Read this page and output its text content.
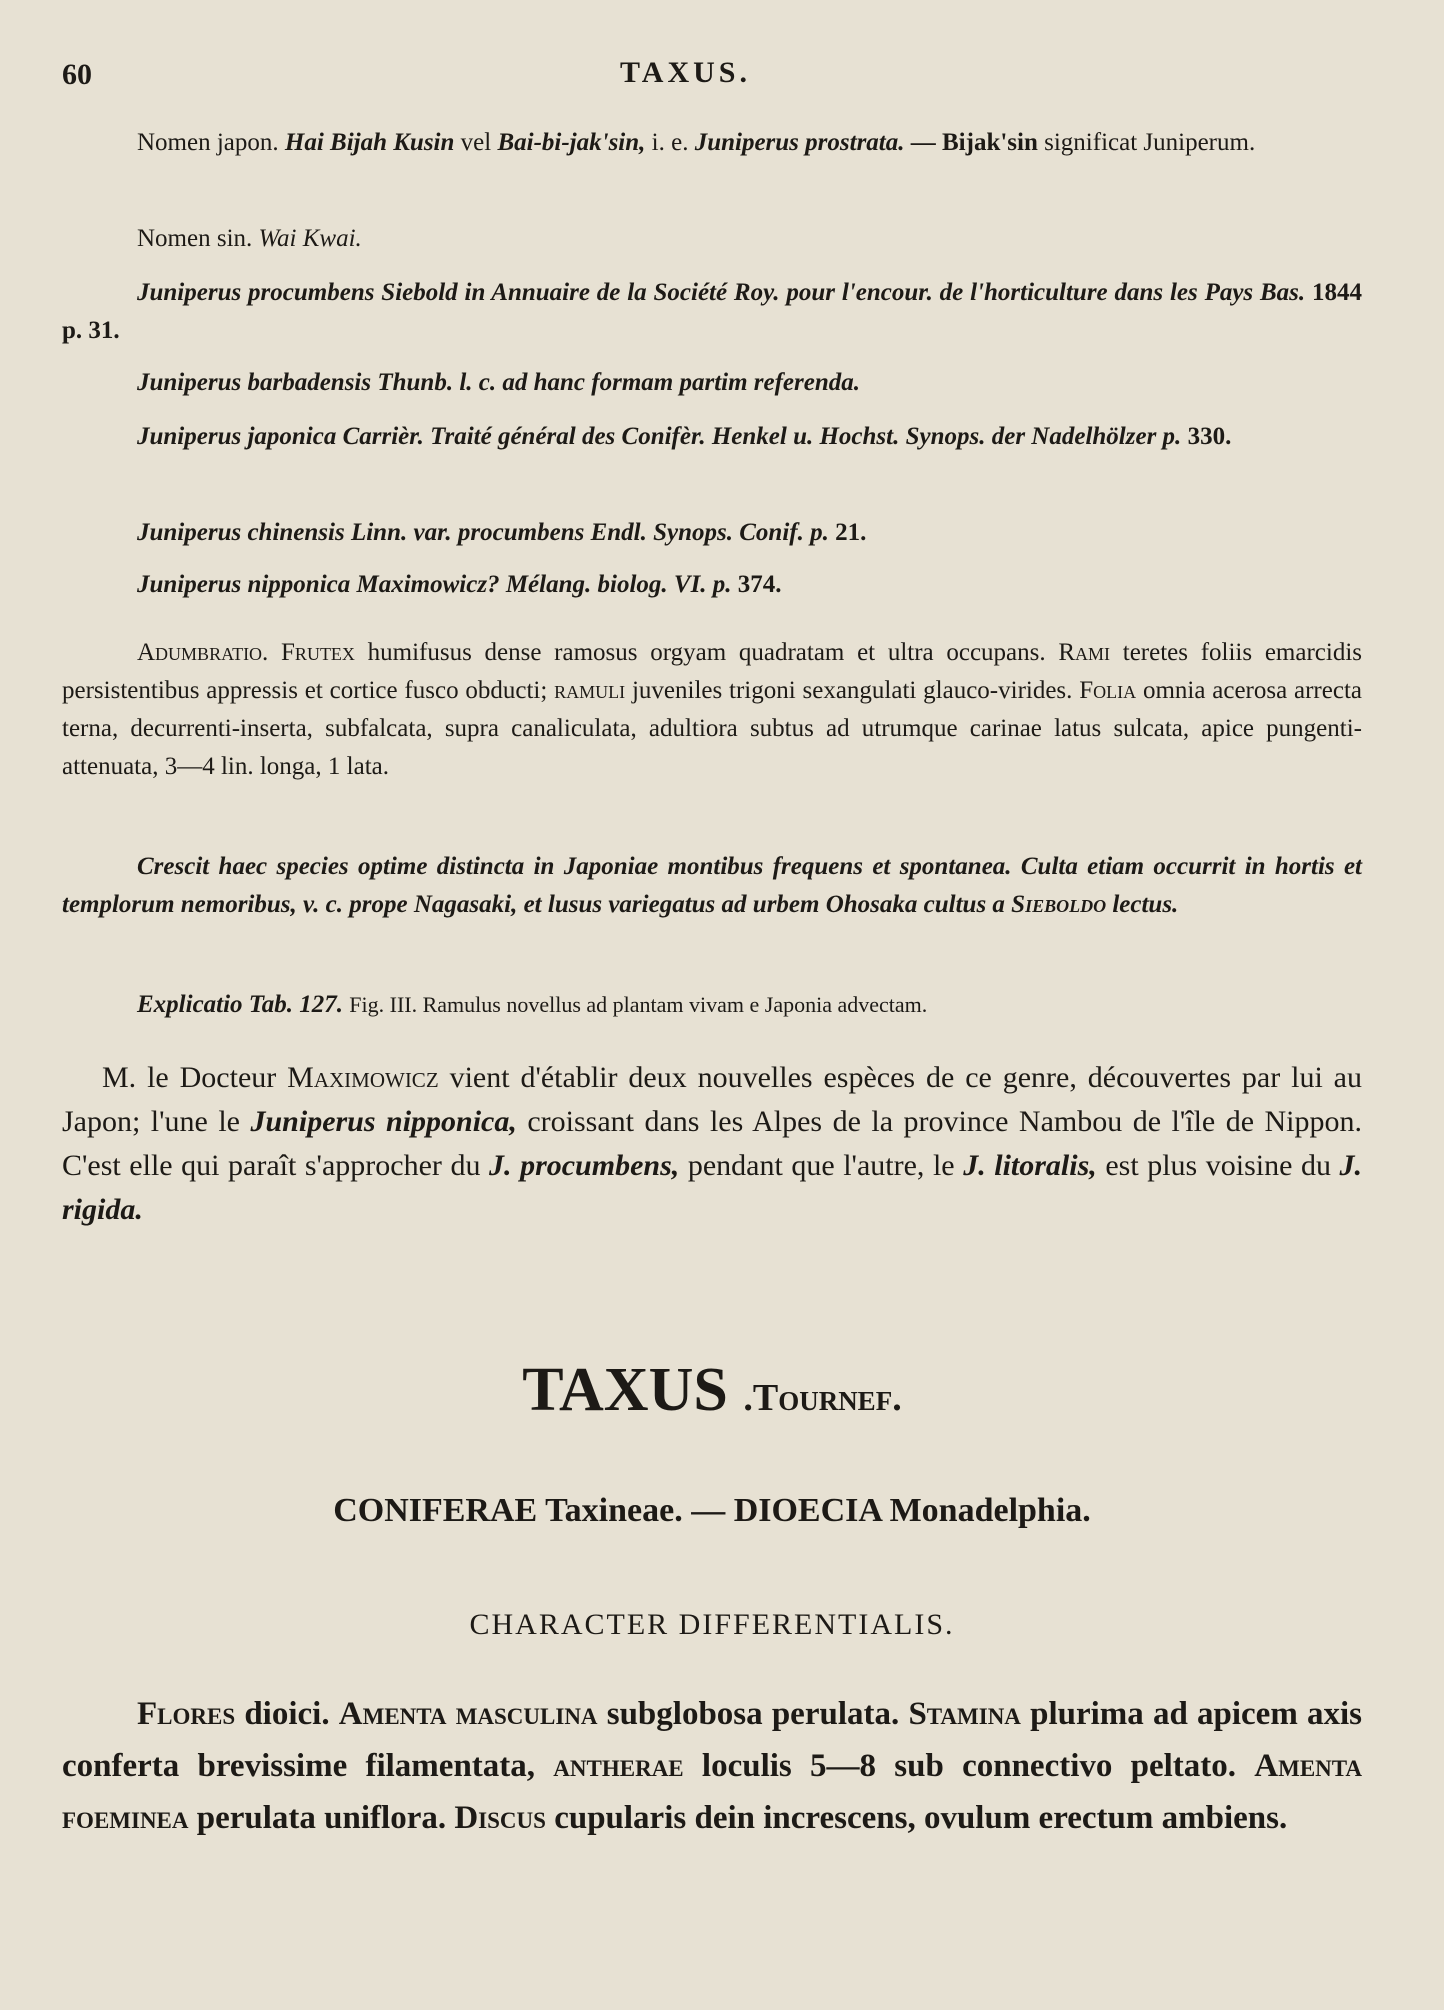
60	TAXUS.
Nomen japon. Hai Bijah Kusin vel Bai-bi-jak'sin, i. e. Juniperus prostrata. — Bijak'sin significat Juniperum.
Nomen sin. Wai Kwai.
Juniperus procumbens Siebold in Annuaire de la Société Roy. pour l'encour. de l'horticulture dans les Pays Bas. 1844 p. 31.
Juniperus barbadensis Thunb. l. c. ad hanc formam partim referenda.
Juniperus japonica Carrièr. Traité général des Conifèr. Henkel u. Hochst. Synops. der Nadelhölzer p. 330.
Juniperus chinensis Linn. var. procumbens Endl. Synops. Conif. p. 21.
Juniperus nipponica Maximowicz? Mélang. biolog. VI. p. 374.
Adumbratio. Frutex humifusus dense ramosus orgyam quadratam et ultra occupans. Rami teretes foliis emarcidis persistentibus appressis et cortice fusco obducti; ramuli juveniles trigoni sexangulati glauco-virides. Folia omnia acerosa arrecta terna, decurrenti-inserta, subfalcata, supra canaliculata, adultiora subtus ad utrumque carinae latus sulcata, apice pungenti-attenuata, 3—4 lin. longa, 1 lata.
Crescit haec species optime distincta in Japoniae montibus frequens et spontanea. Culta etiam occurrit in hortis et templorum nemoribus, v. c. prope Nagasaki, et lusus variegatus ad urbem Ohosaka cultus a Sieboldo lectus.
Explicatio Tab. 127. Fig. III. Ramulus novellus ad plantam vivam e Japonia advectam.
M. le Docteur Maximowicz vient d'établir deux nouvelles espèces de ce genre, découvertes par lui au Japon; l'une le Juniperus nipponica, croissant dans les Alpes de la province Nambou de l'île de Nippon. C'est elle qui paraît s'approcher du J. procumbens, pendant que l'autre, le J. litoralis, est plus voisine du J. rigida.
TAXUS .Tournef.
CONIFERAE Taxineae. — DIOECIA Monadelphia.
CHARACTER DIFFERENTIALIS.
Flores dioici. Amenta masculina subglobosa perulata. Stamina plurima ad apicem axis conferta brevissime filamentata, antherae loculis 5—8 sub connectivo peltato. Amenta foeminea perulata uniflora. Discus cupularis dein increscens, ovulum erectum ambiens.
